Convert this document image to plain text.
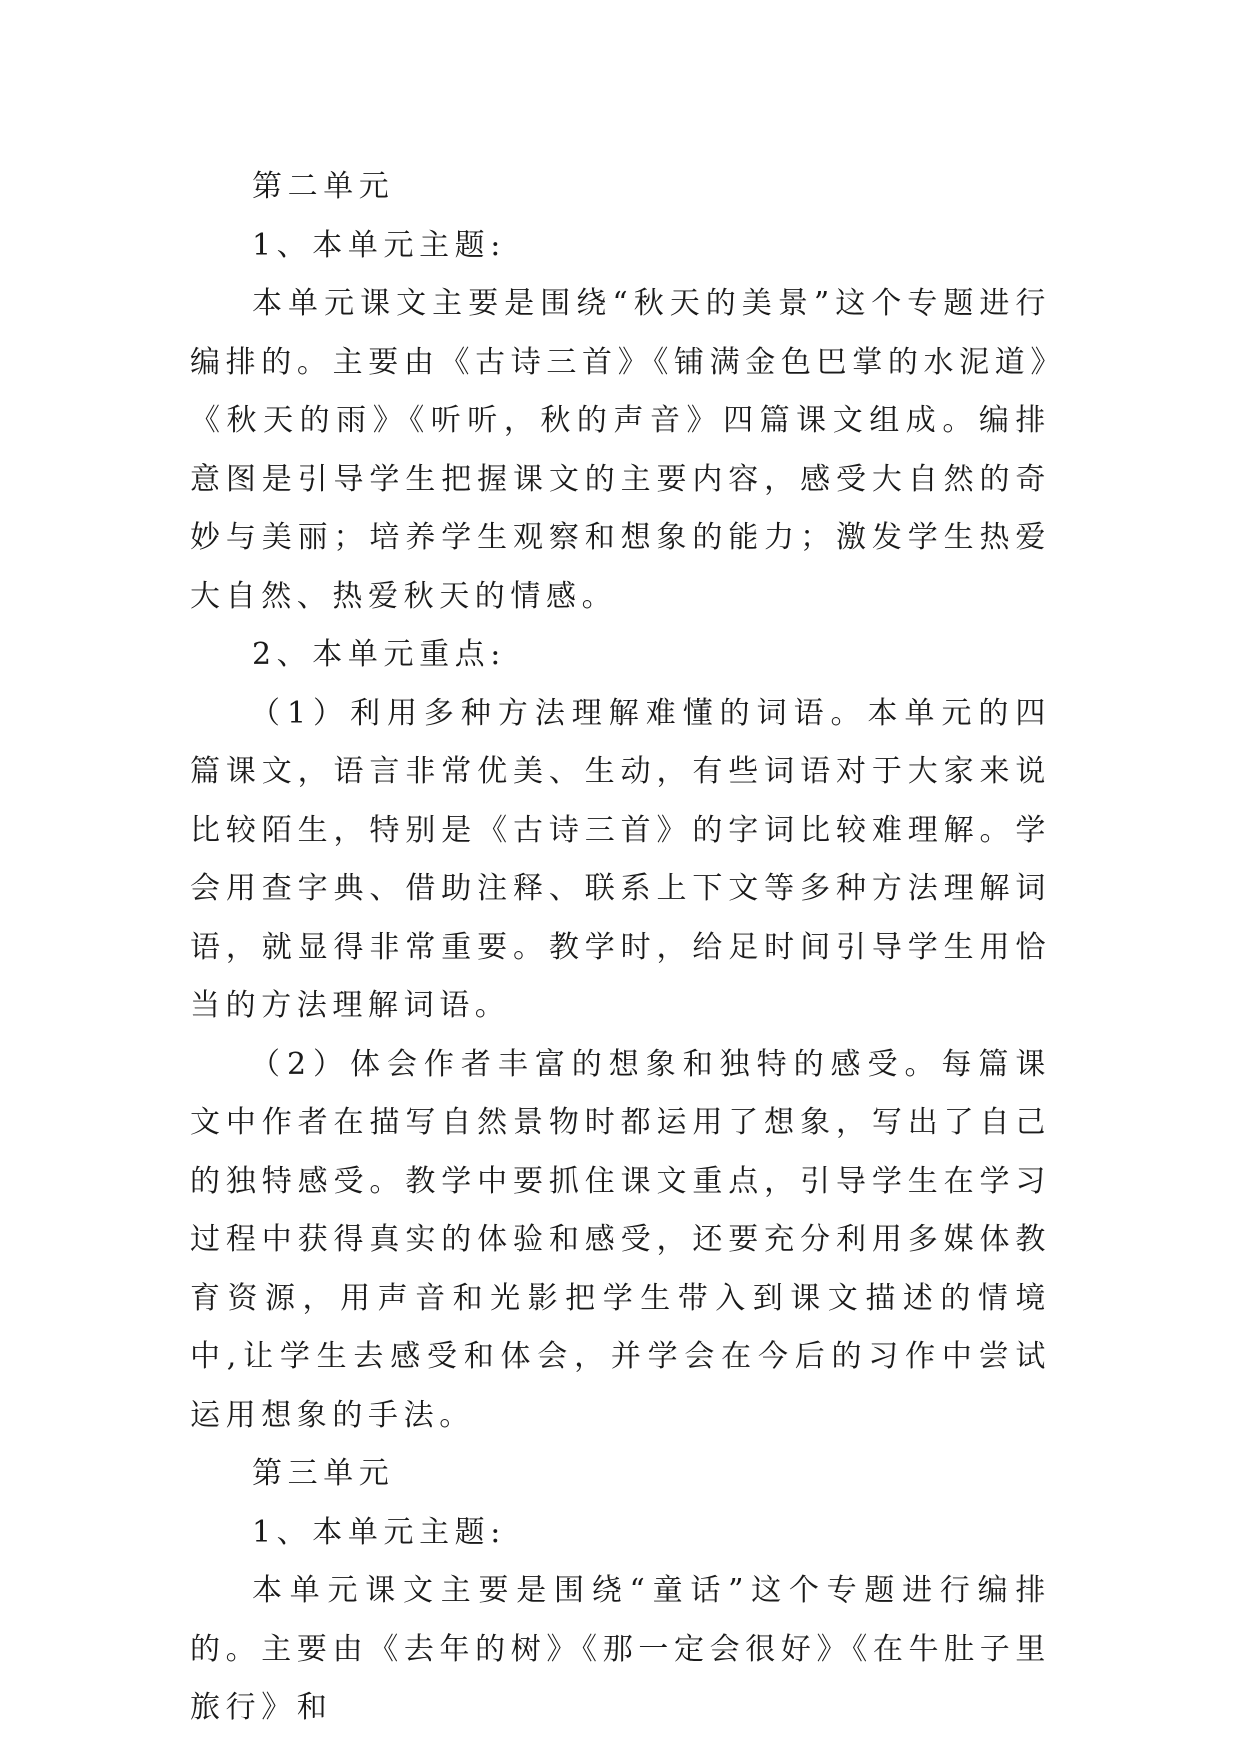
第二单元

1、本单元主题:

本单元课文主要是围绕“秋天的美景”这个专题进行编排的。主要由《古诗三首》《铺满金色巴掌的水泥道》《秋天的雨》《听听，秋的声音》四篇课文组成。编排意图是引导学生把握课文的主要内容，感受大自然的奇妙与美丽；培养学生观察和想象的能力；激发学生热爱大自然、热爱秋天的情感。

2、本单元重点:

（1）利用多种方法理解难懂的词语。本单元的四篇课文，语言非常优美、生动，有些词语对于大家来说比较陌生，特别是《古诗三首》的字词比较难理解。学会用查字典、借助注释、联系上下文等多种方法理解词语，就显得非常重要。教学时，给足时间引导学生用恰当的方法理解词语。

（2）体会作者丰富的想象和独特的感受。每篇课文中作者在描写自然景物时都运用了想象，写出了自己的独特感受。教学中要抓住课文重点，引导学生在学习过程中获得真实的体验和感受，还要充分利用多媒体教育资源，用声音和光影把学生带入到课文描述的情境中,让学生去感受和体会，并学会在今后的习作中尝试运用想象的手法。

第三单元

1、本单元主题:

本单元课文主要是围绕“童话”这个专题进行编排的。主要由《去年的树》《那一定会很好》《在牛肚子里旅行》和
